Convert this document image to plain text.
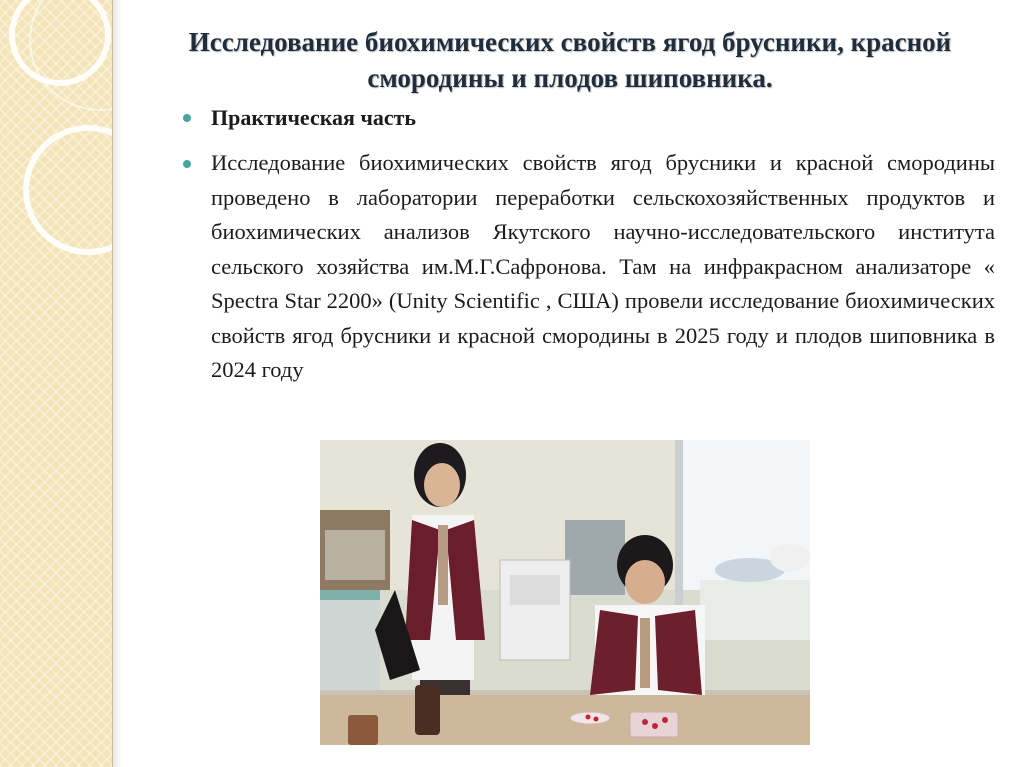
Исследование биохимических свойств ягод брусники, красной смородины и плодов шиповника.
Практическая часть
Исследование биохимических свойств ягод брусники и красной смородины проведено в лаборатории переработки сельскохозяйственных продуктов и биохимических анализов Якутского научно-исследовательского института сельского хозяйства им.М.Г.Сафронова. Там на инфракрасном анализаторе « Spectra Star 2200» (Unity Scientific , США) провели исследование биохимических свойств ягод брусники и красной смородины в 2025 году и плодов шиповника в 2024 году
